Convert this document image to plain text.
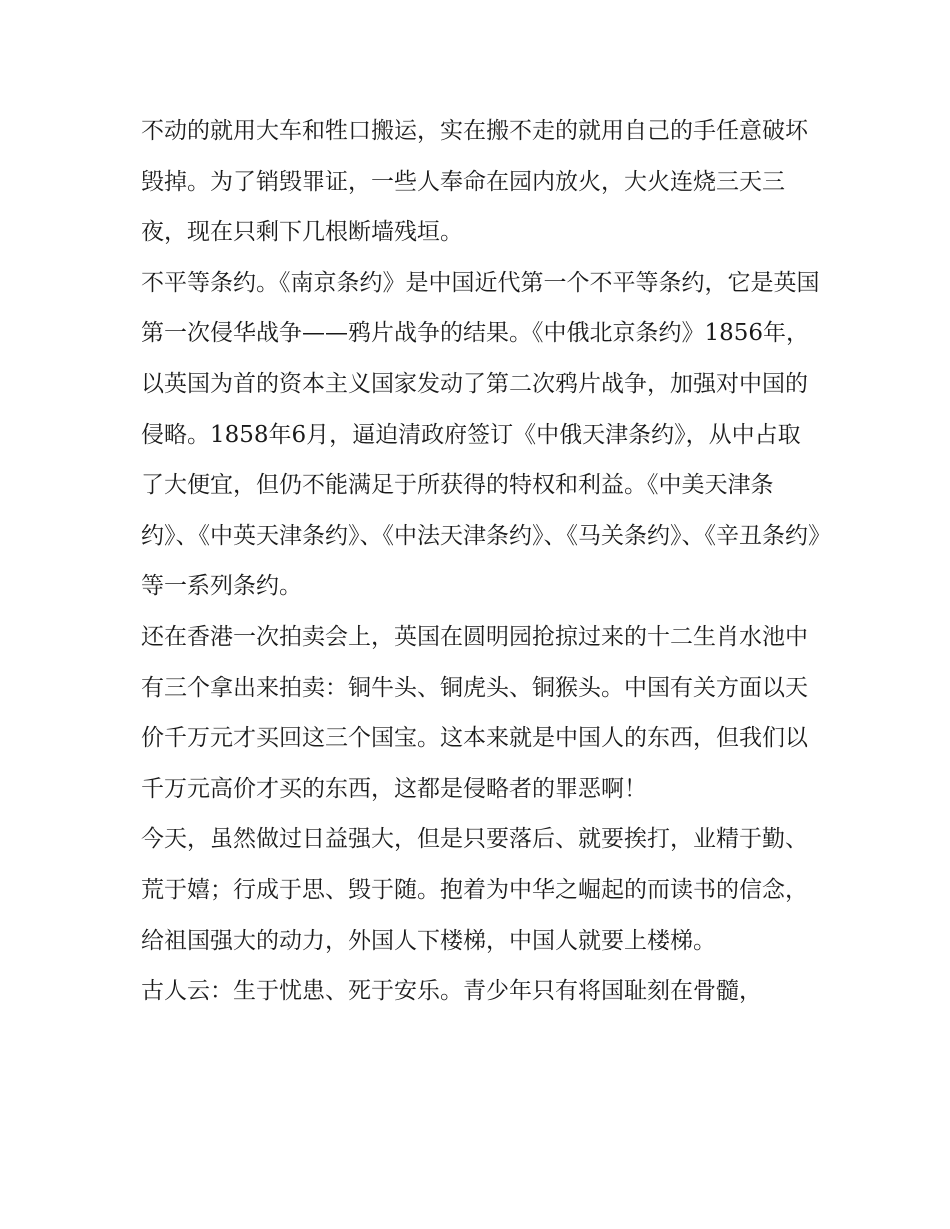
不动的就用大车和牲口搬运，实在搬不走的就用自己的手任意破坏毁掉。为了销毁罪证，一些人奉命在园内放火，大火连烧三天三夜，现在只剩下几根断墙残垣。

不平等条约。《南京条约》是中国近代第一个不平等条约，它是英国第一次侵华战争——鸦片战争的结果。《中俄北京条约》1856年，以英国为首的资本主义国家发动了第二次鸦片战争，加强对中国的侵略。1858年6月，逼迫清政府签订《中俄天津条约》，从中占取了大便宜，但仍不能满足于所获得的特权和利益。《中美天津条约》、《中英天津条约》、《中法天津条约》、《马关条约》、《辛丑条约》等一系列条约。

还在香港一次拍卖会上，英国在圆明园抢掠过来的十二生肖水池中有三个拿出来拍卖：铜牛头、铜虎头、铜猴头。中国有关方面以天价千万元才买回这三个国宝。这本来就是中国人的东西，但我们以千万元高价才买的东西，这都是侵略者的罪恶啊！

今天，虽然做过日益强大，但是只要落后、就要挨打，业精于勤、荒于嬉；行成于思、毁于随。抱着为中华之崛起的而读书的信念，给祖国强大的动力，外国人下楼梯，中国人就要上楼梯。

古人云：生于忧患、死于安乐。青少年只有将国耻刻在骨髓，
